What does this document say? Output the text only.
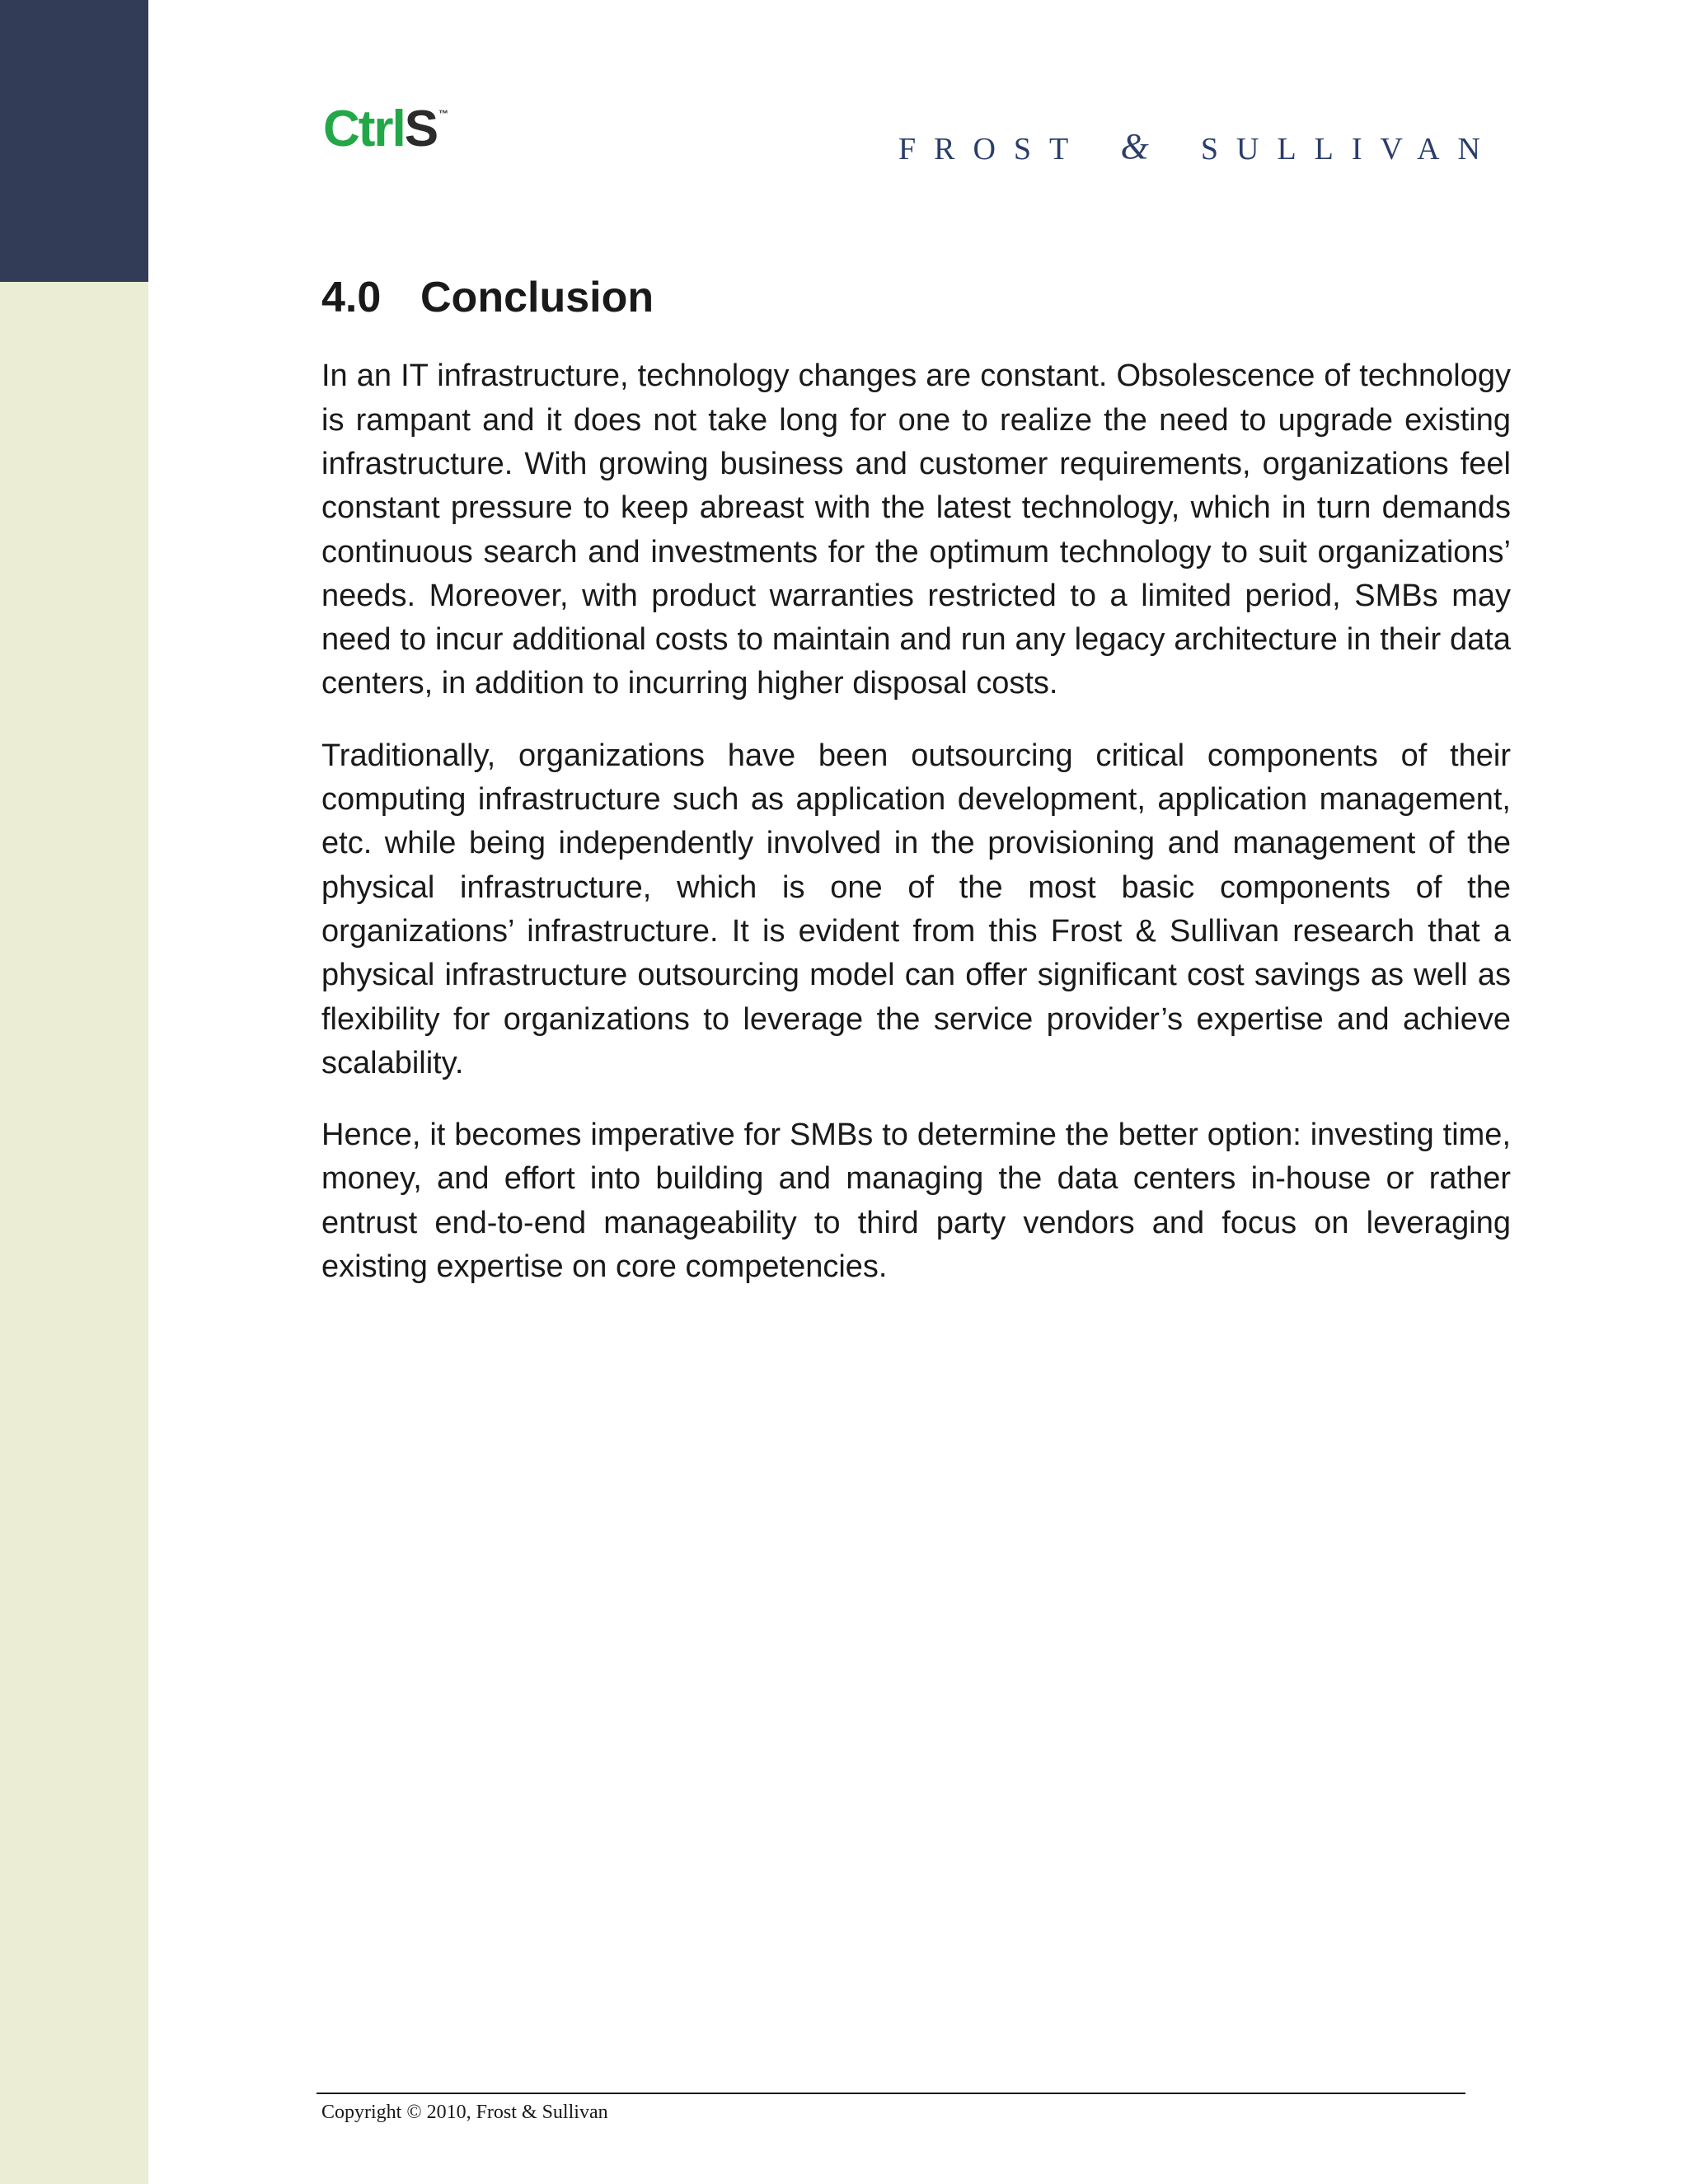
CtrlS ™
FROST & SULLIVAN
4.0 Conclusion

In an IT infrastructure, technology changes are constant. Obsolescence of technology is rampant and it does not take long for one to realize the need to upgrade existing infrastructure. With growing business and customer requirements, organizations feel constant pressure to keep abreast with the latest technology, which in turn demands continuous search and investments for the optimum technology to suit organizations’ needs. Moreover, with product warranties restricted to a limited period, SMBs may need to incur additional costs to maintain and run any legacy architecture in their data centers, in addition to incurring higher disposal costs.

Traditionally, organizations have been outsourcing critical components of their computing infrastructure such as application development, application management, etc. while being independently involved in the provisioning and management of the physical infrastructure, which is one of the most basic components of the organizations’ infrastructure. It is evident from this Frost & Sullivan research that a physical infrastructure outsourcing model can offer significant cost savings as well as flexibility for organizations to leverage the service provider’s expertise and achieve scalability.

Hence, it becomes imperative for SMBs to determine the better option: investing time, money, and effort into building and managing the data centers in-house or rather entrust end-to-end manageability to third party vendors and focus on leveraging existing expertise on core competencies.

Copyright © 2010, Frost & Sullivan
